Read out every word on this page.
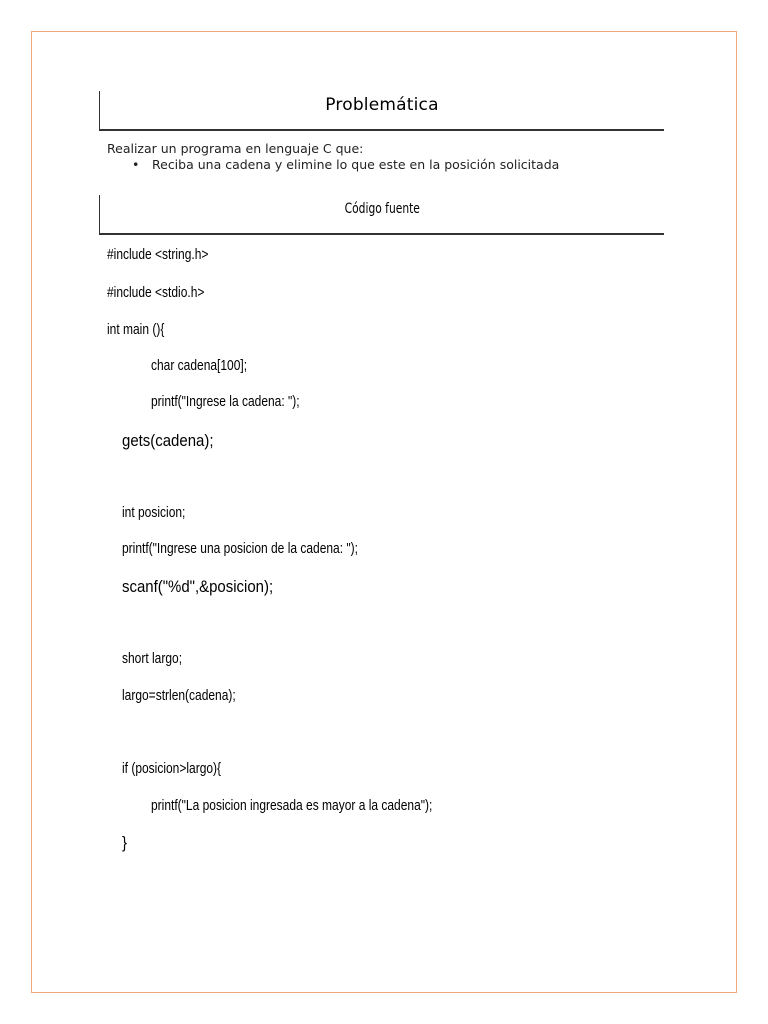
Problemática
Realizar un programa en lenguaje C que:
• Reciba una cadena y elimine lo que este en la posición solicitada
Código fuente
#include <string.h>
#include <stdio.h>
int main (){
char cadena[100];
printf("Ingrese la cadena: ");
gets(cadena);
int posicion;
printf("Ingrese una posicion de la cadena: ");
scanf("%d",&posicion);
short largo;
largo=strlen(cadena);
if (posicion>largo){
printf("La posicion ingresada es mayor a la cadena");
}
